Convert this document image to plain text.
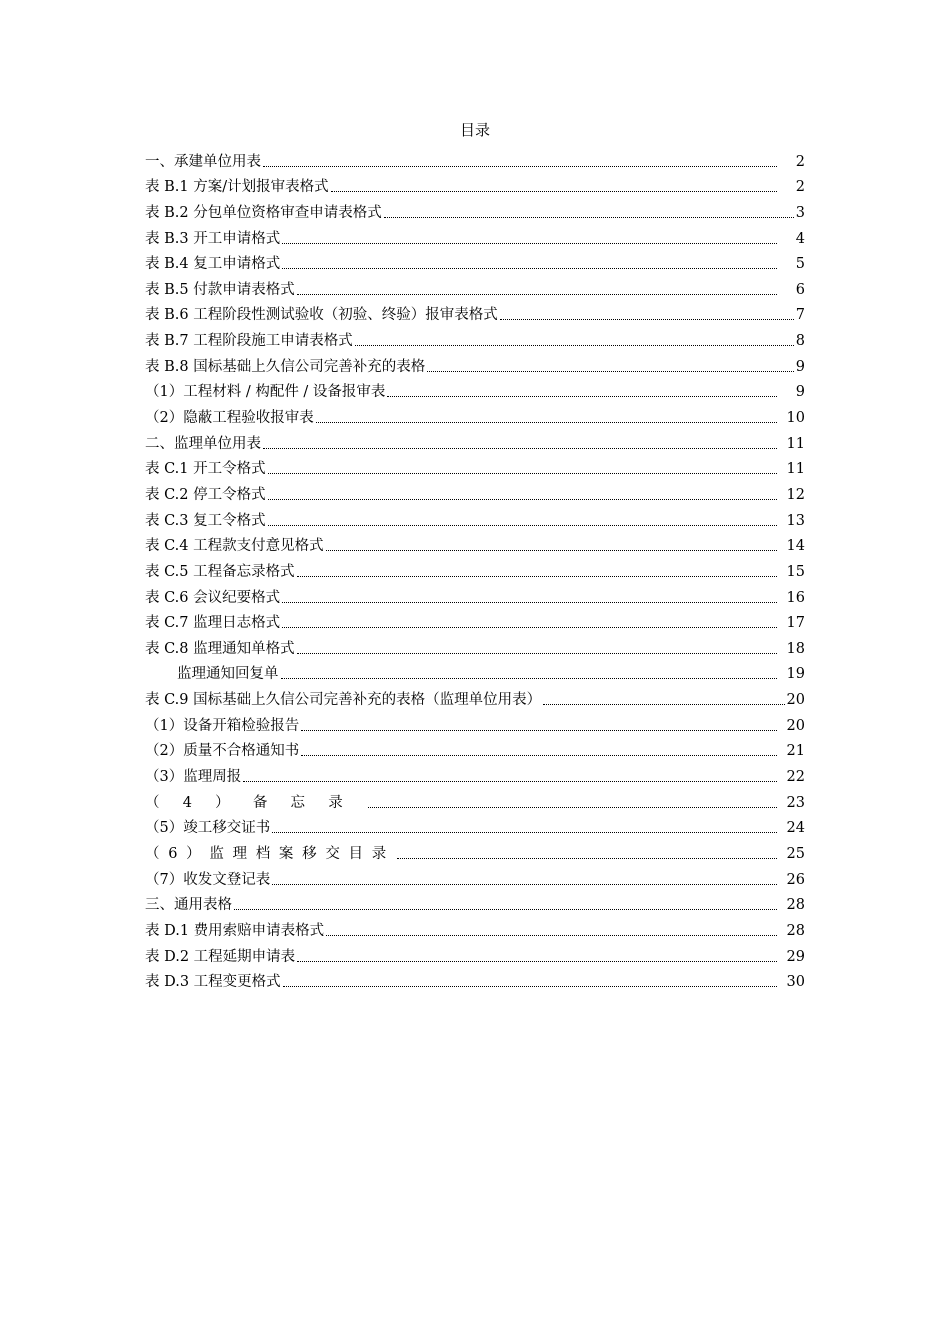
目录
一、承建单位用表	2
表 B.1 方案/计划报审表格式	2
表 B.2 分包单位资格审查申请表格式	3
表 B.3 开工申请格式	4
表 B.4 复工申请格式	5
表 B.5 付款申请表格式	6
表 B.6 工程阶段性测试验收（初验、终验）报审表格式	7
表 B.7 工程阶段施工申请表格式	8
表 B.8 国标基础上久信公司完善补充的表格	9
（1）工程材料 / 构配件 / 设备报审表	9
（2）隐蔽工程验收报审表	10
二、监理单位用表	11
表 C.1 开工令格式	11
表 C.2 停工令格式	12
表 C.3 复工令格式	13
表 C.4 工程款支付意见格式	14
表 C.5 工程备忘录格式	15
表 C.6 会议纪要格式	16
表 C.7 监理日志格式	17
表 C.8 监理通知单格式	18
监理通知回复单	19
表 C.9 国标基础上久信公司完善补充的表格（监理单位用表）	20
（1）设备开箱检验报告	20
（2）质量不合格通知书	21
（3）监理周报	22
（4）备忘录	23
（5）竣工移交证书	24
（6）监理档案移交目录	25
（7）收发文登记表	26
三、通用表格	28
表 D.1 费用索赔申请表格式	28
表 D.2 工程延期申请表	29
表 D.3 工程变更格式	30
